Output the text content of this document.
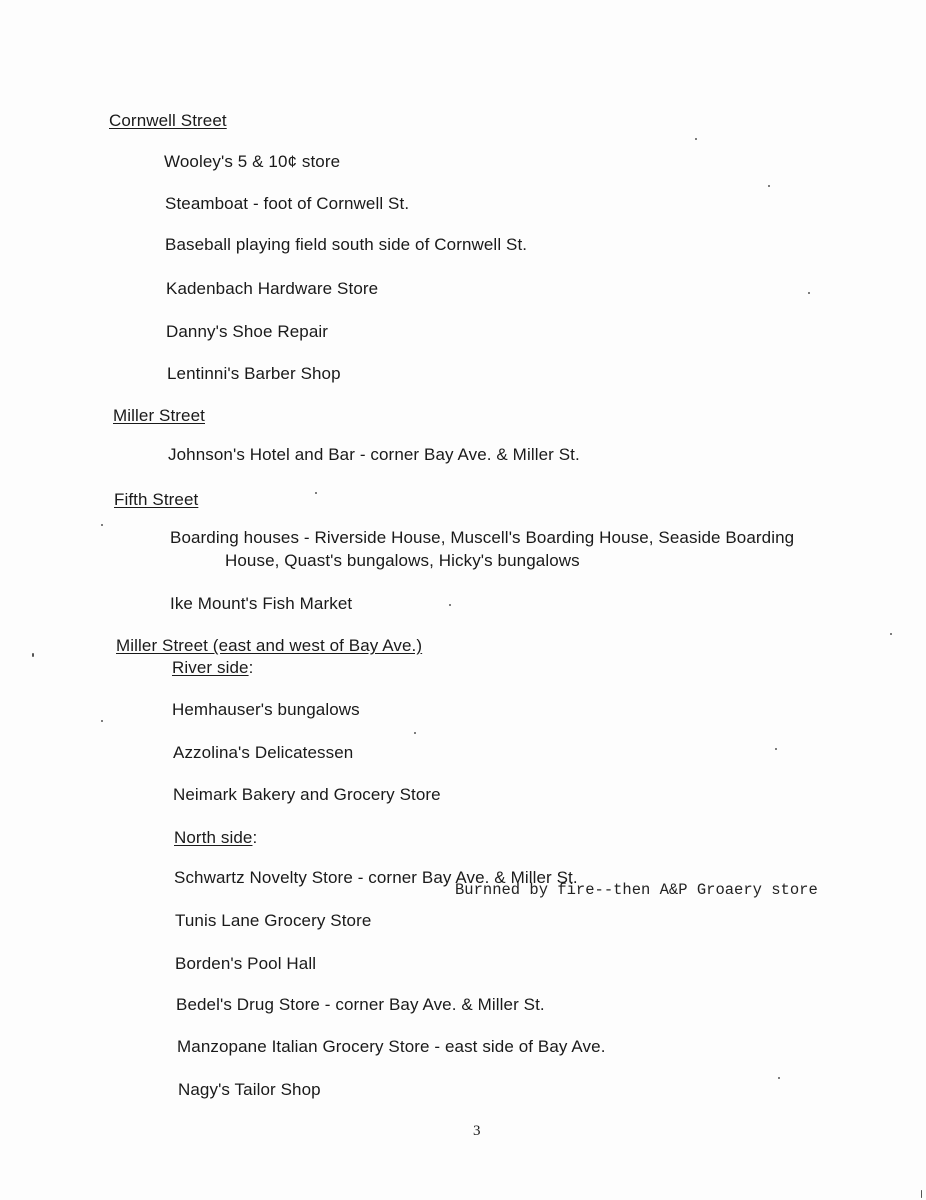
Cornwell Street
Wooley's 5 & 10¢ store
Steamboat - foot of Cornwell St.
Baseball playing field south side of Cornwell St.
Kadenbach Hardware Store
Danny's Shoe Repair
Lentinni's Barber Shop
Miller Street
Johnson's Hotel and Bar - corner Bay Ave. & Miller St.
Fifth Street
Boarding houses - Riverside House, Muscell's Boarding House, Seaside Boarding
House, Quast's bungalows, Hicky's bungalows
Ike Mount's Fish Market
Miller Street (east and west of Bay Ave.)
River side:
Hemhauser's bungalows
Azzolina's Delicatessen
Neimark Bakery and Grocery Store
North side:
Schwartz Novelty Store - corner Bay Ave. & Miller St.
Burnned by fire--then A&P Groaery store
Tunis Lane Grocery Store
Borden's Pool Hall
Bedel's Drug Store - corner Bay Ave. & Miller St.
Manzopane Italian Grocery Store - east side of Bay Ave.
Nagy's Tailor Shop
3
